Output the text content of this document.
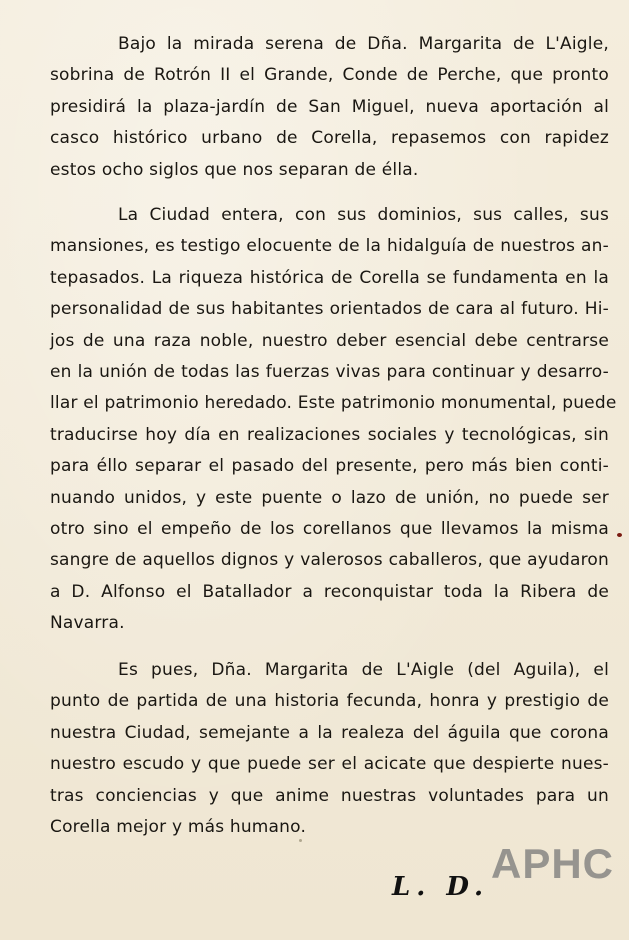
Bajo la mirada serena de Dña. Margarita de L'Aigle,
sobrina de Rotrón II el Grande, Conde de Perche, que pronto
presidirá la plaza-jardín de San Miguel, nueva aportación al
casco histórico urbano de Corella, repasemos con rapidez
estos ocho siglos que nos separan de élla.
La Ciudad entera, con sus dominios, sus calles, sus
mansiones, es testigo elocuente de la hidalguía de nuestros an-
tepasados. La riqueza histórica de Corella se fundamenta en la
personalidad de sus habitantes orientados de cara al futuro. Hi-
jos de una raza noble, nuestro deber esencial debe centrarse
en la unión de todas las fuerzas vivas para continuar y desarro-
llar el patrimonio heredado. Este patrimonio monumental, puede
traducirse hoy día en realizaciones sociales y tecnológicas, sin
para éllo separar el pasado del presente, pero más bien conti-
nuando unidos, y este puente o lazo de unión, no puede ser
otro sino el empeño de los corellanos que llevamos la misma
sangre de aquellos dignos y valerosos caballeros, que ayudaron
a D. Alfonso el Batallador a reconquistar toda la Ribera de
Navarra.
Es pues, Dña. Margarita de L'Aigle (del Aguila), el
punto de partida de una historia fecunda, honra y prestigio de
nuestra Ciudad, semejante a la realeza del águila que corona
nuestro escudo y que puede ser el acicate que despierte nues-
tras conciencias y que anime nuestras voluntades para un
Corella mejor y más humano.
APHC
L. D.
